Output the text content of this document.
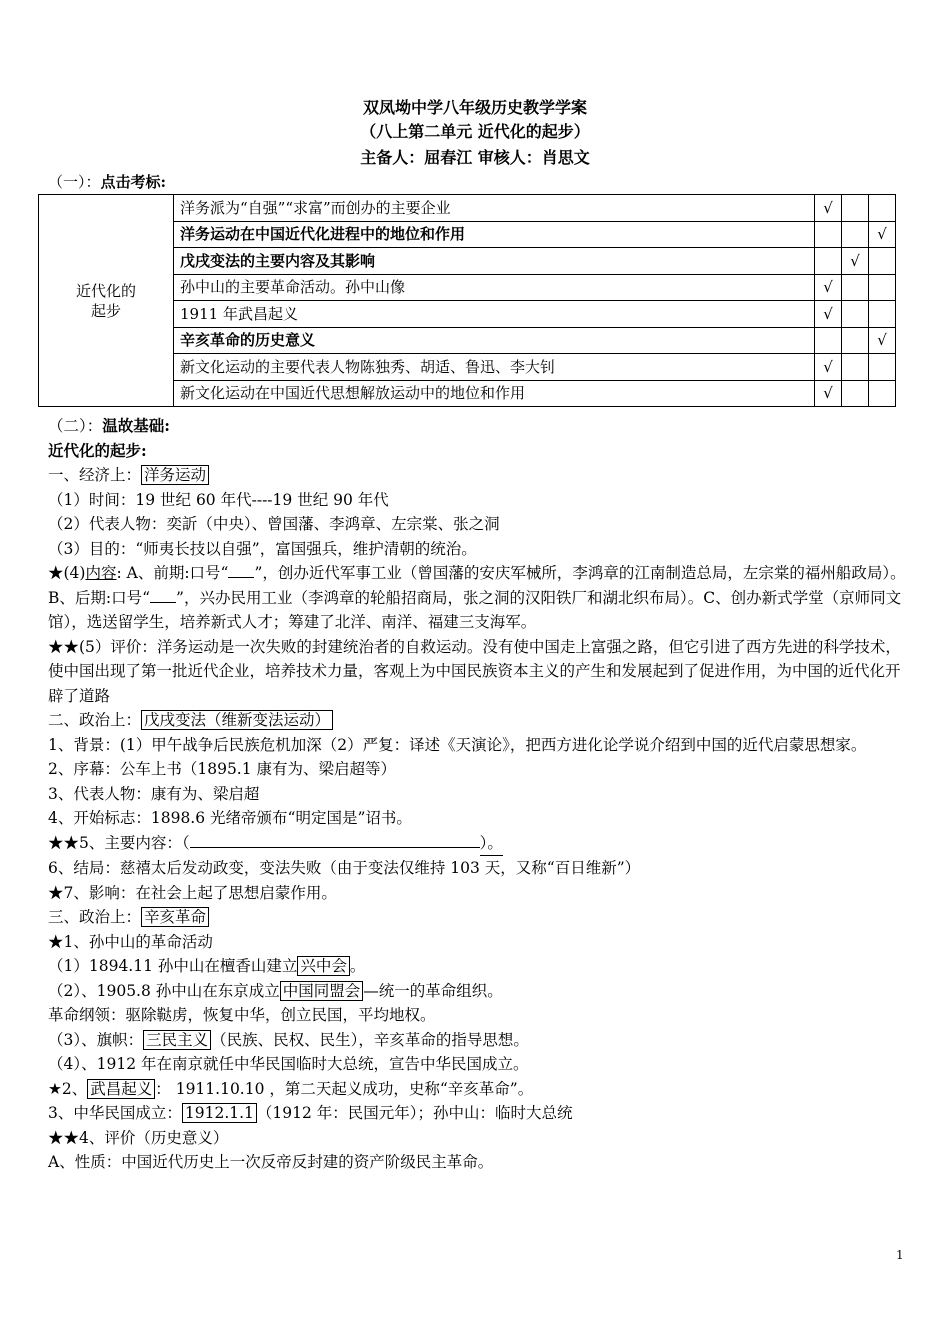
双凤坳中学八年级历史教学学案
（八上第二单元 近代化的起步）
主备人：屈春江 审核人：肖思文
（一）：点击考标:
近代化的起步	洋务派为“自强”“求富”而创办的主要企业	√		
	洋务运动在中国近代化进程中的地位和作用			√
	戊戌变法的主要内容及其影响		√	
	孙中山的主要革命活动。孙中山像	√		
	1911 年武昌起义	√		
	辛亥革命的历史意义			√
	新文化运动的主要代表人物陈独秀、胡适、鲁迅、李大钊	√		
	新文化运动在中国近代思想解放运动中的地位和作用	√		

（二）：温故基础:

近代化的起步:

一、经济上： 洋务运动

（1）时间：19 世纪 60 年代----19 世纪 90 年代

（2）代表人物：奕訢（中央）、曾国藩、李鸿章、左宗棠、张之洞

（3）目的：“师夷长技以自强”，富国强兵，维护清朝的统治。

★(4)内容: A、前期:口号“ ”，创办近代军事工业（曾国藩的安庆军械所，李鸿章的江南制造总局，左宗棠的福州船政局）。 B、后期:口号“ ”，兴办民用工业（李鸿章的轮船招商局，张之洞的汉阳铁厂和湖北织布局）。C、创办新式学堂（京师同文馆），选送留学生，培养新式人才；筹建了北洋、南洋、福建三支海军。

★★(5）评价：洋务运动是一次失败的封建统治者的自救运动。没有使中国走上富强之路，但它引进了西方先进的科学技术，使中国出现了第一批近代企业，培养技术力量，客观上为中国民族资本主义的产生和发展起到了促进作用，为中国的近代化开辟了道路

二、政治上： 戊戌变法（维新变法运动）

1、背景：(1）甲午战争后民族危机加深（2）严复：译述《天演论》，把西方进化论学说介绍到中国的近代启蒙思想家。

2、序幕：公车上书（1895.1 康有为、梁启超等）

3、代表人物：康有为、梁启超

4、开始标志：1898.6 光绪帝颁布“明定国是”诏书。

★★5、主要内容：（	）。

6、结局：慈禧太后发动政变，变法失败（由于变法仅维持 103 天，又称“百日维新”）

★7、影响：在社会上起了思想启蒙作用。

三、政治上： 辛亥革命

★1、孙中山的革命活动

（1）1894.11 孙中山在檀香山建立 兴中会 。

（2）、1905.8 孙中山在东京成立 中国同盟会 —统一的革命组织。

革命纲领：驱除鞑虏，恢复中华，创立民国，平均地权。

（3）、旗帜： 三民主义 （民族、民权、民生），辛亥革命的指导思想。

（4）、1912 年在南京就任中华民国临时大总统，宣告中华民国成立。

★2、 武昌起义 ： 1911.10.10 ，第二天起义成功，史称“辛亥革命”。

3、中华民国成立： 1912.1.1 （1912 年：民国元年）；孙中山：临时大总统

★★4、评价（历史意义）

A、性质：中国近代历史上一次反帝反封建的资产阶级民主革命。

1
